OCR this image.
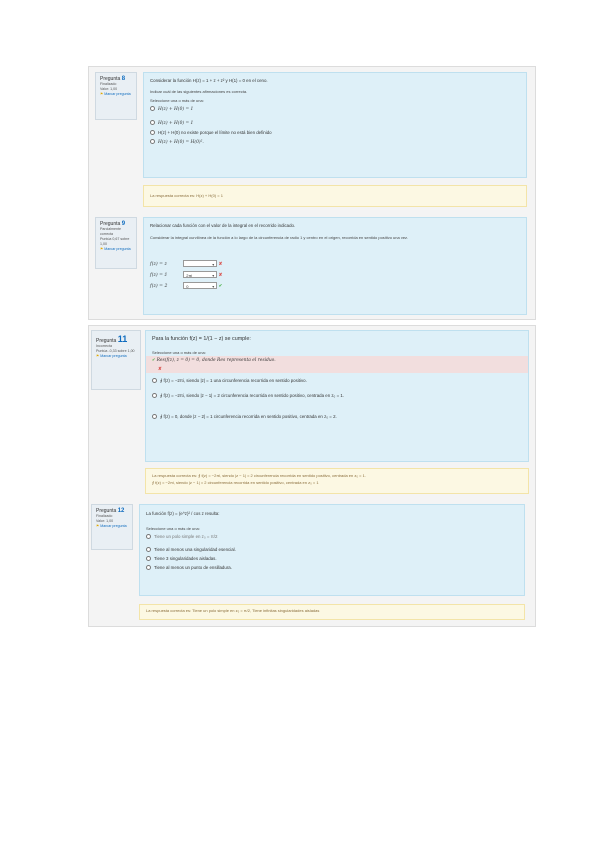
Pregunta 8
Finalizado
Valor: 1,00
⚑ Marcar pregunta
Considerar la función H(z) = 1 + z + z² y H(1) = 0 en el ceno.
Indicar cuál de las siguientes afirmaciones es correcta.
Seleccione una o más de una:
H(z) + H(0) = 1
H(z) + H(0) = 1
H(z) + H(0) no existe porque el límite no está bien definido
H(z) + H(0) = H(0)².
La respuesta correcta es: H(z) + H(0) = 1
Pregunta 9
Parcialmente correcta
Puntúa 0,67 sobre 1,00
⚑ Marcar pregunta
Relacionar cada función con el valor de la integral en el recorrido indicado.
Considerar la integral curvilínea de la función a lo largo de la circunferencia de radio 1 y centro en el origen, recorrida en sentido positivo una vez.
f(z) = z ▾	✘
f(z) = z̄	2πi ▾	✘
f(z) = 2	0 ▾	✔
Pregunta 11
Incorrecta
Puntúa -0,33 sobre 1,00
⚑ Marcar pregunta
Para la función f(z) = 1/(1 − z) se cumple:
Seleccione una o más de una:
✔ Res(f(z), z = 0) = 0, donde Res representa el residuo.
✘
∮ f(z) = −2πi, siendo |z| = 1 una circunferencia recorrida en sentido positivo.
∮ f(z) = −2πi, siendo |z − 1| = 2 circunferencia recorrida en sentido positivo, centrada en z₀ = 1.
∮ f(z) = 0, donde |z − 2| = 1 circunferencia recorrida en sentido positivo, centrada en z₀ = 2.
La respuesta correcta es: ∮ f(z) = −2πi, siendo |z − 1| = 2 circunferencia recorrida en sentido positivo, centrada en z₀ = 1.
∮ f(z) = −2πi, siendo |z − 1| = 2 circunferencia recorrida en sentido positivo, centrada en z₀ = 1
Pregunta 12
Finalizado
Valor: 1,00
⚑ Marcar pregunta
La función f(z) = (e^z)² / cos z resulta:
Seleccione una o más de una:
Tiene un polo simple en z₀ = π/2
Tiene al menos una singularidad esencial.
Tiene 3 singularidades aisladas.
Tiene al menos un punto de ensilladura.
La respuesta correcta es: Tiene un polo simple en z₀ = π/2, Tiene infinitas singularidades aisladas
